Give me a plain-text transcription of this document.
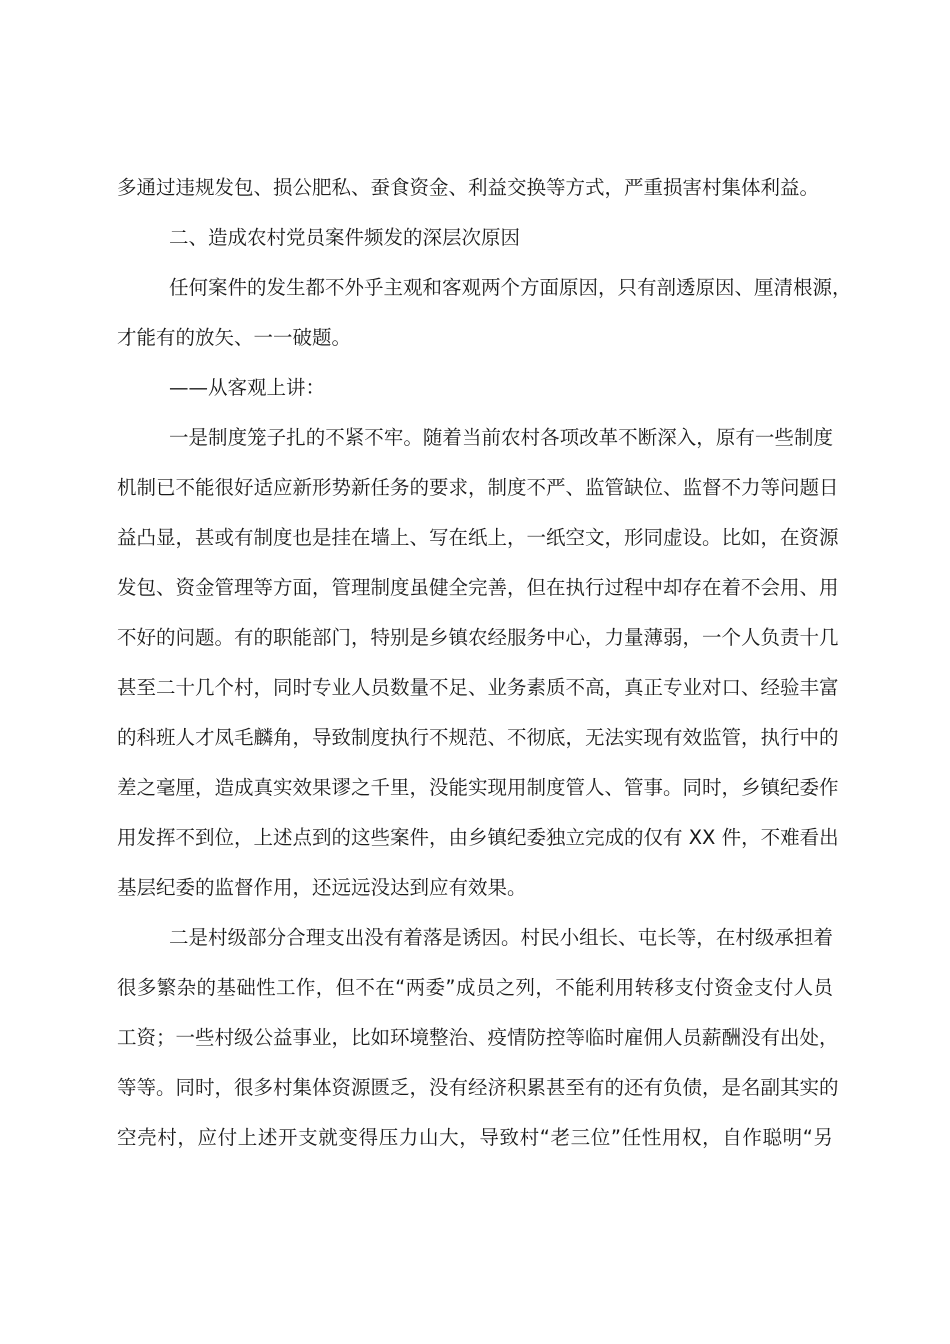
多通过违规发包、损公肥私、蚕食资金、利益交换等方式，严重损害村集体利益。
二、造成农村党员案件频发的深层次原因
任何案件的发生都不外乎主观和客观两个方面原因，只有剖透原因、厘清根源，
才能有的放矢、一一破题。
——从客观上讲：
一是制度笼子扎的不紧不牢。随着当前农村各项改革不断深入，原有一些制度
机制已不能很好适应新形势新任务的要求，制度不严、监管缺位、监督不力等问题日
益凸显，甚或有制度也是挂在墙上、写在纸上，一纸空文，形同虚设。比如，在资源
发包、资金管理等方面，管理制度虽健全完善，但在执行过程中却存在着不会用、用
不好的问题。有的职能部门，特别是乡镇农经服务中心，力量薄弱，一个人负责十几
甚至二十几个村，同时专业人员数量不足、业务素质不高，真正专业对口、经验丰富
的科班人才凤毛麟角，导致制度执行不规范、不彻底，无法实现有效监管，执行中的
差之毫厘，造成真实效果谬之千里，没能实现用制度管人、管事。同时，乡镇纪委作
用发挥不到位，上述点到的这些案件，由乡镇纪委独立完成的仅有 XX 件，不难看出
基层纪委的监督作用，还远远没达到应有效果。
二是村级部分合理支出没有着落是诱因。村民小组长、屯长等，在村级承担着
很多繁杂的基础性工作，但不在“两委”成员之列，不能利用转移支付资金支付人员
工资；一些村级公益事业，比如环境整治、疫情防控等临时雇佣人员薪酬没有出处，
等等。同时，很多村集体资源匮乏，没有经济积累甚至有的还有负债，是名副其实的
空壳村，应付上述开支就变得压力山大，导致村“老三位”任性用权，自作聪明“另
